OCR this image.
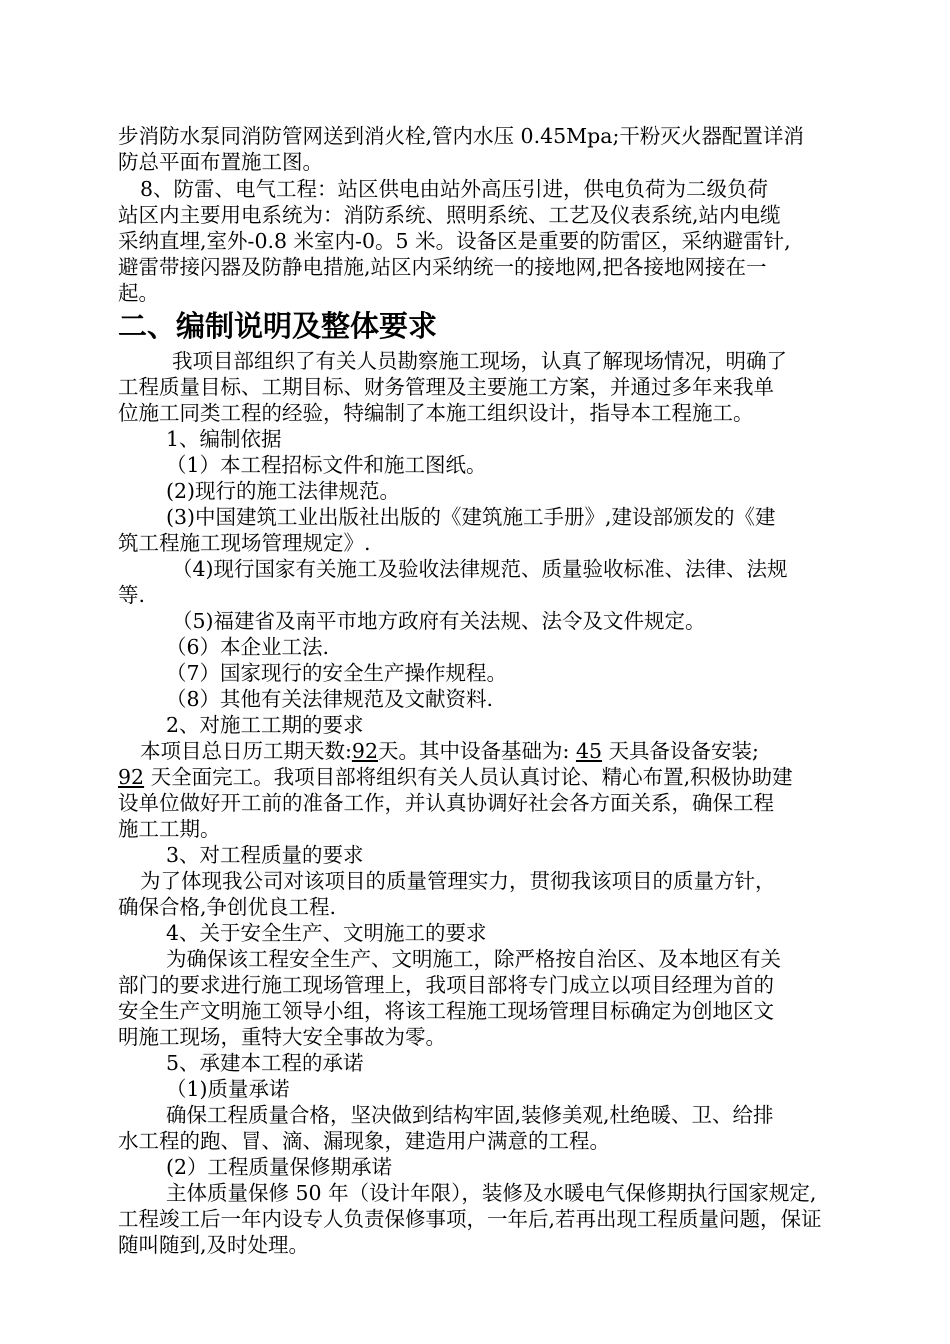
步消防水泵同消防管网送到消火栓,管内水压 0.45Mpa;干粉灭火器配置详消
防总平面布置施工图。
8、防雷、电气工程：站区供电由站外高压引进，供电负荷为二级负荷
站区内主要用电系统为：消防系统、照明系统、工艺及仪表系统,站内电缆
采纳直埋,室外-0.8 米室内-0。5 米。设备区是重要的防雷区，采纳避雷针,
避雷带接闪器及防静电措施,站区内采纳统一的接地网,把各接地网接在一
起。
二、编制说明及整体要求
我项目部组织了有关人员勘察施工现场，认真了解现场情况，明确了
工程质量目标、工期目标、财务管理及主要施工方案，并通过多年来我单
位施工同类工程的经验，特编制了本施工组织设计，指导本工程施工。
1、编制依据
（1）本工程招标文件和施工图纸。
(2)现行的施工法律规范。
(3)中国建筑工业出版社出版的《建筑施工手册》,建设部颁发的《建
筑工程施工现场管理规定》.
（4)现行国家有关施工及验收法律规范、质量验收标准、法律、法规
等.
（5)福建省及南平市地方政府有关法规、法令及文件规定。
（6）本企业工法.
（7）国家现行的安全生产操作规程。
（8）其他有关法律规范及文献资料.
2、对施工工期的要求
本项目总日历工期天数:92天。其中设备基础为: 45 天具备设备安装;
92 天全面完工。我项目部将组织有关人员认真讨论、精心布置,积极协助建
设单位做好开工前的准备工作，并认真协调好社会各方面关系，确保工程
施工工期。
3、对工程质量的要求
为了体现我公司对该项目的质量管理实力，贯彻我该项目的质量方针，
确保合格,争创优良工程.
4、关于安全生产、文明施工的要求
为确保该工程安全生产、文明施工，除严格按自治区、及本地区有关
部门的要求进行施工现场管理上，我项目部将专门成立以项目经理为首的
安全生产文明施工领导小组，将该工程施工现场管理目标确定为创地区文
明施工现场，重特大安全事故为零。
5、承建本工程的承诺
（1)质量承诺
确保工程质量合格，坚决做到结构牢固,装修美观,杜绝暖、卫、给排
水工程的跑、冒、滴、漏现象，建造用户满意的工程。
(2）工程质量保修期承诺
主体质量保修 50 年（设计年限），装修及水暖电气保修期执行国家规定,
工程竣工后一年内设专人负责保修事项，一年后,若再出现工程质量问题，保证
随叫随到,及时处理。
